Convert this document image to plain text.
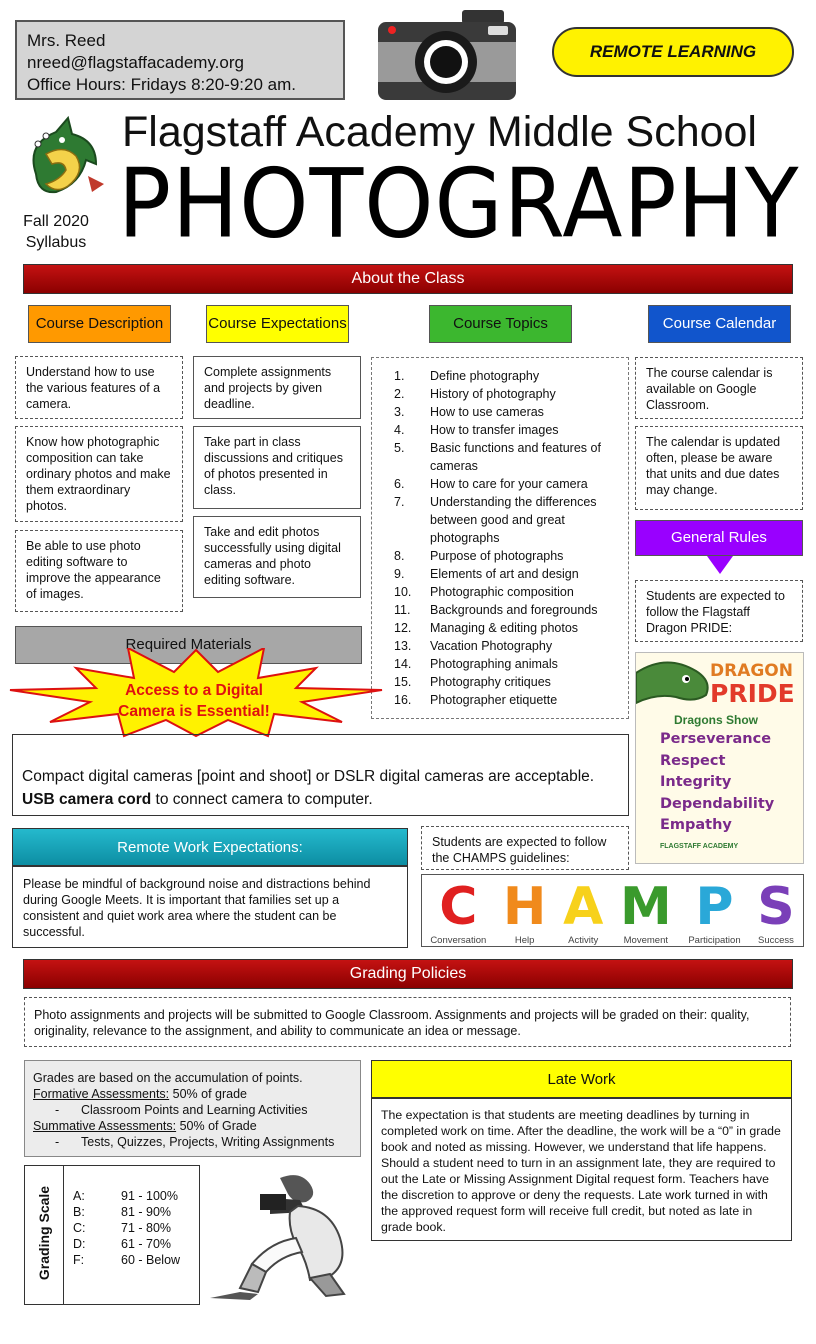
Mrs. Reed
nreed@flagstaffacademy.org
Office Hours: Fridays 8:20-9:20 am.
REMOTE LEARNING
Flagstaff Academy Middle School
PHOTOGRAPHY
Fall 2020
Syllabus
About the Class
Course Description	Course Expectations	Course Topics	Course Calendar
Understand how to use the various features of a camera.
Know how photographic composition can take ordinary photos and make them extraordinary photos.
Be able to use photo editing software to improve the appearance of images.
Complete assignments and projects by given deadline.
Take part in class discussions and critiques of photos presented in class.
Take and edit photos successfully using digital cameras and photo editing software.
1.	Define photography
2.	History of photography
3.	How to use cameras
4.	How to transfer images
5.	Basic functions and features of cameras
6.	How to care for your camera
7.	Understanding the differences between good and great photographs
8.	Purpose of photographs
9.	Elements of art and design
10.	Photographic composition
11.	Backgrounds and foregrounds
12.	Managing & editing photos
13.	Vacation Photography
14.	Photographing animals
15.	Photography critiques
16.	Photographer etiquette
The course calendar is available on Google Classroom.
The calendar is updated often, please be aware that units and due dates may change.
General Rules
Students are expected to follow the Flagstaff Dragon PRIDE:
DRAGON
PRIDE
Dragons Show
Perseverance
Respect
Integrity
Dependability
Empathy
FLAGSTAFF ACADEMY
Required Materials
Access to a Digital Camera is Essential!
Compact digital cameras [point and shoot] or DSLR digital cameras are acceptable.
USB camera cord to connect camera to computer.
Remote Work Expectations:
Please be mindful of background noise and distractions behind during Google Meets. It is important that families set up a consistent and quiet work area where the student can be successful.
Students are expected to follow the CHAMPS guidelines:
C
Conversation
H
Help
A
Activity
M
Movement
P
Participation
S
Success
Grading Policies
Photo assignments and projects will be submitted to Google Classroom. Assignments and projects will be graded on their: quality, originality, relevance to the assignment, and ability to communicate an idea or message.
Grades are based on the accumulation of points.
Formative Assessments: 50% of grade
-	Classroom Points and Learning Activities
Summative Assessments: 50% of Grade
-	Tests, Quizzes, Projects, Writing Assignments
Grading Scale A:	91 - 100%
B:	81 - 90%
C:	71 - 80%
D:	61 - 70%
F:	60 - Below
Late Work
The expectation is that students are meeting deadlines by turning in completed work on time. After the deadline, the work will be a “0” in grade book and noted as missing. However, we understand that life happens. Should a student need to turn in an assignment late, they are required to out the Late or Missing Assignment Digital request form. Teachers have the discretion to approve or deny the requests. Late work turned in with the approved request form will receive full credit, but noted as late in grade book.
